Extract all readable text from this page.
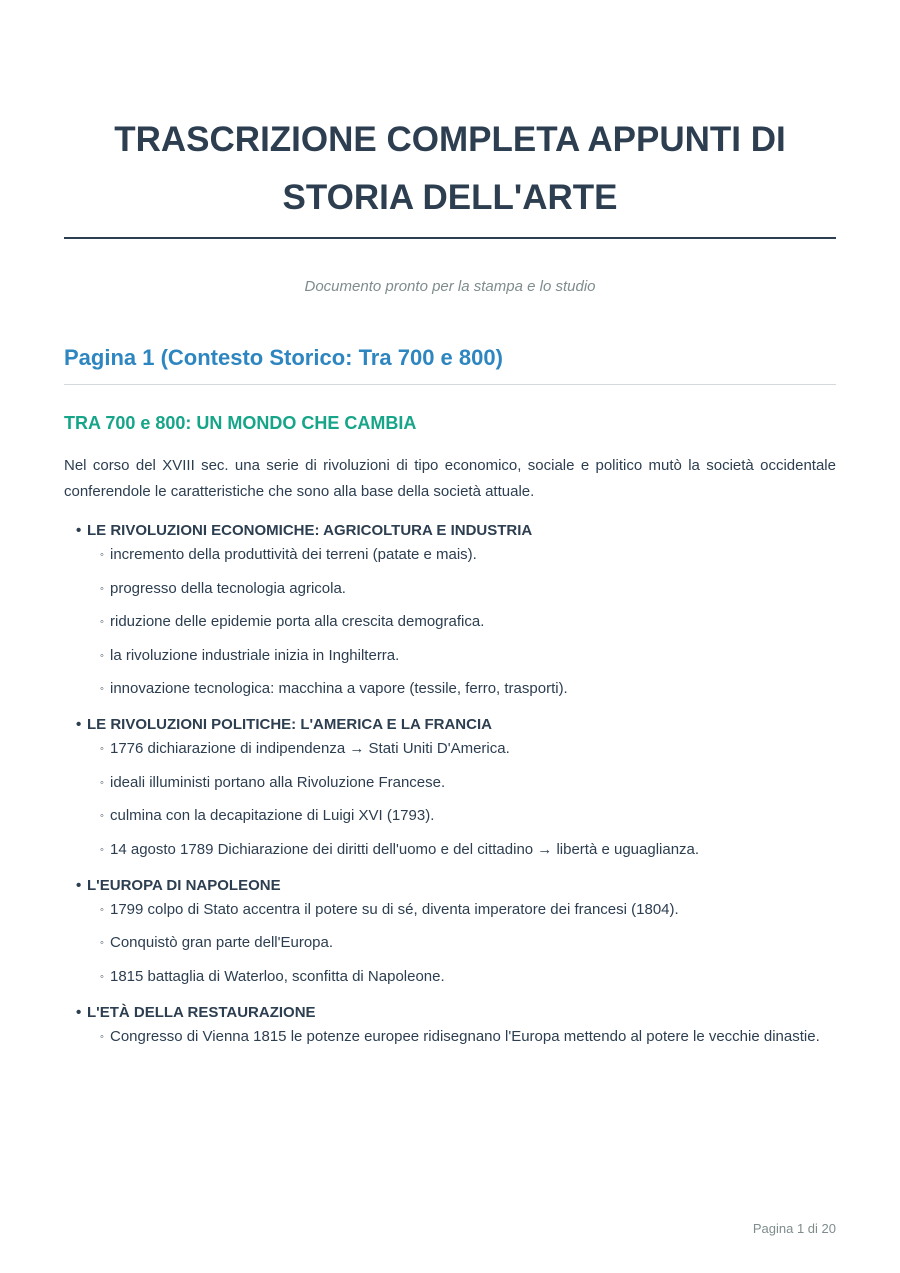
TRASCRIZIONE COMPLETA APPUNTI DI STORIA DELL'ARTE
Documento pronto per la stampa e lo studio
Pagina 1 (Contesto Storico: Tra 700 e 800)
TRA 700 e 800: UN MONDO CHE CAMBIA

Nel corso del XVIII sec. una serie di rivoluzioni di tipo economico, sociale e politico mutò la società occidentale conferendole le caratteristiche che sono alla base della società attuale.

• LE RIVOLUZIONI ECONOMICHE: AGRICOLTURA E INDUSTRIA
◦ incremento della produttività dei terreni (patate e mais).
◦ progresso della tecnologia agricola.
◦ riduzione delle epidemie porta alla crescita demografica.
◦ la rivoluzione industriale inizia in Inghilterra.
◦ innovazione tecnologica: macchina a vapore (tessile, ferro, trasporti).
• LE RIVOLUZIONI POLITICHE: L'AMERICA E LA FRANCIA
◦ 1776 dichiarazione di indipendenza → Stati Uniti D'America.
◦ ideali illuministi portano alla Rivoluzione Francese.
◦ culmina con la decapitazione di Luigi XVI (1793).
◦ 14 agosto 1789 Dichiarazione dei diritti dell'uomo e del cittadino → libertà e uguaglianza.
• L'EUROPA DI NAPOLEONE
◦ 1799 colpo di Stato accentra il potere su di sé, diventa imperatore dei francesi (1804).
◦ Conquistò gran parte dell'Europa.
◦ 1815 battaglia di Waterloo, sconfitta di Napoleone.
• L'ETÀ DELLA RESTAURAZIONE
◦ Congresso di Vienna 1815 le potenze europee ridisegnano l'Europa mettendo al potere le vecchie dinastie.
Pagina 1 di 20
